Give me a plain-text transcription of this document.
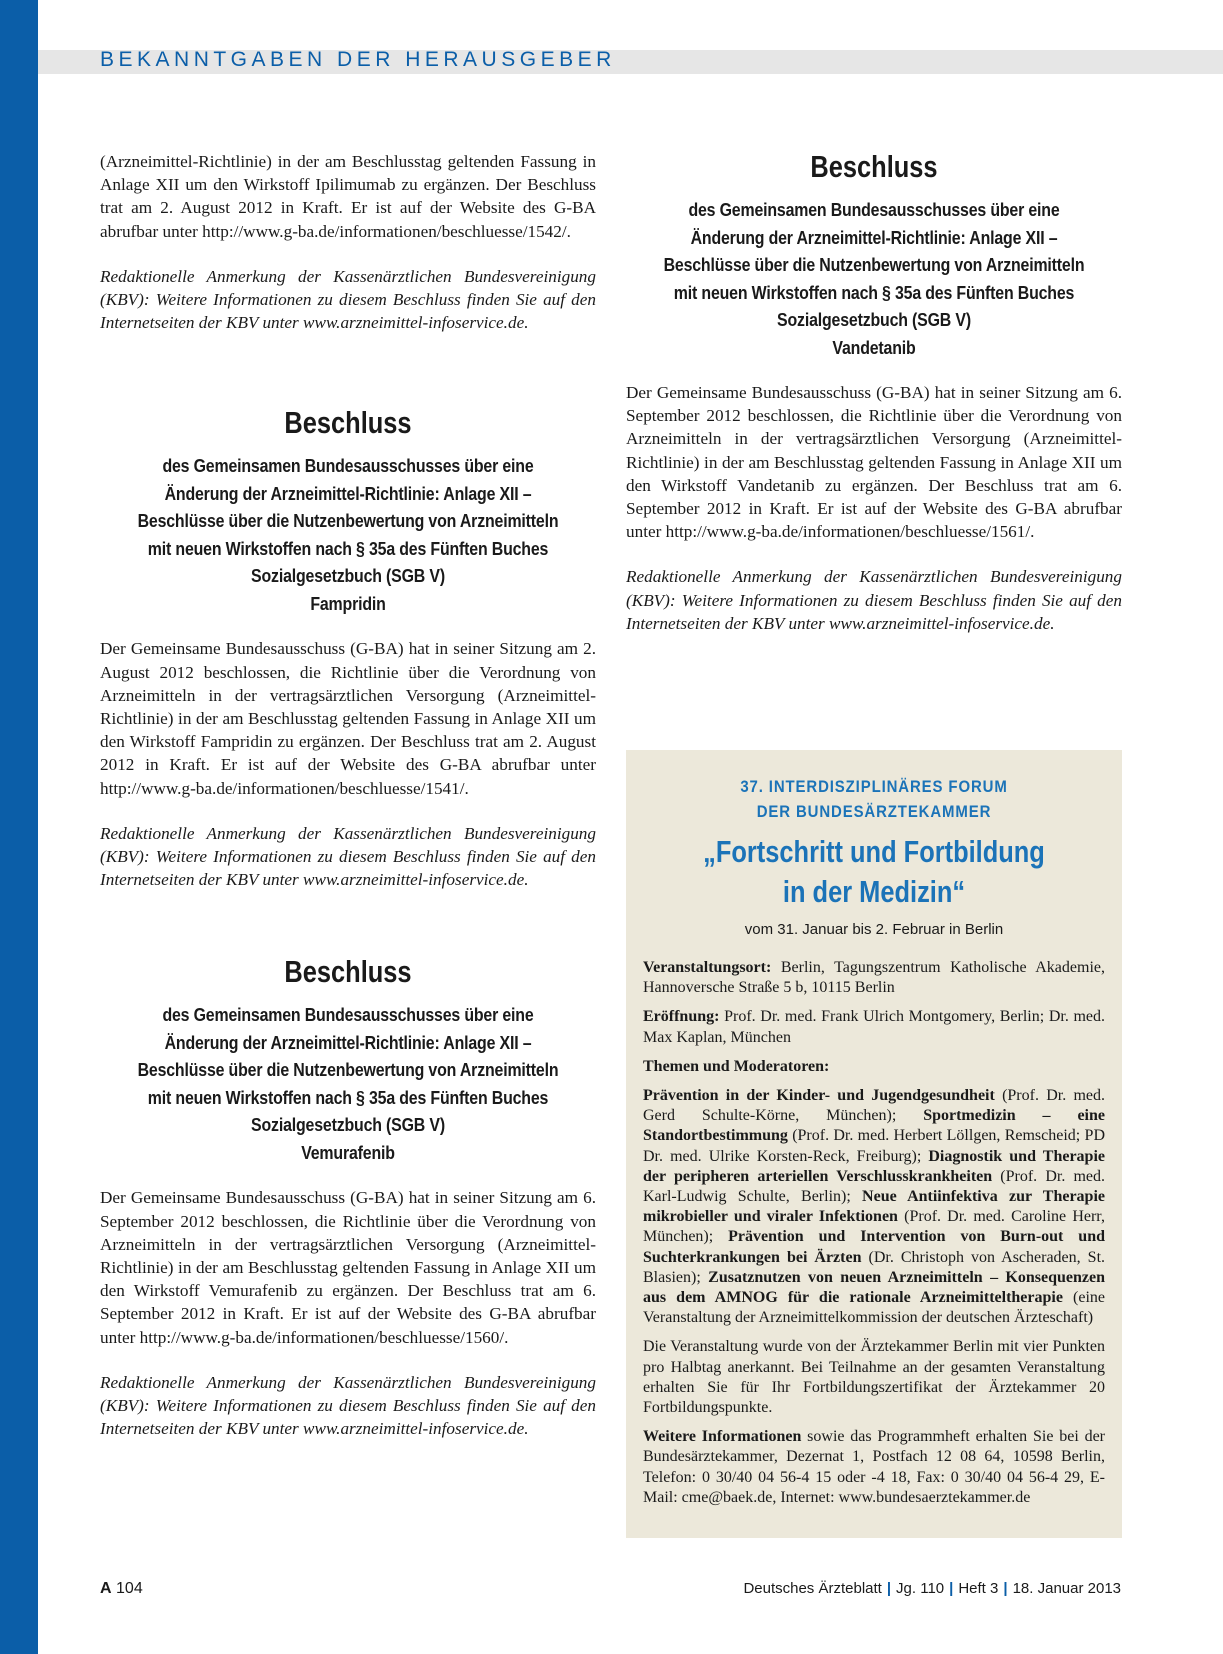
BEKANNTGABEN DER HERAUSGEBER

(Arzneimittel-Richtlinie) in der am Beschlusstag geltenden Fassung in Anlage XII um den Wirkstoff Ipilimumab zu ergänzen. Der Beschluss trat am 2. August 2012 in Kraft. Er ist auf der Website des G-BA abrufbar unter http://www.g-ba.de/informationen/beschluesse/1542/.

Redaktionelle Anmerkung der Kassenärztlichen Bundesvereinigung (KBV): Weitere Informationen zu diesem Beschluss finden Sie auf den Internetseiten der KBV unter www.arzneimittel-infoservice.de.

Beschluss
des Gemeinsamen Bundesausschusses über eine Änderung der Arzneimittel-Richtlinie: Anlage XII – Beschlüsse über die Nutzenbewertung von Arzneimitteln mit neuen Wirkstoffen nach § 35a des Fünften Buches Sozialgesetzbuch (SGB V)
Fampridin

Der Gemeinsame Bundesausschuss (G-BA) hat in seiner Sitzung am 2. August 2012 beschlossen, die Richtlinie über die Verordnung von Arzneimitteln in der vertragsärztlichen Versorgung (Arzneimittel-Richtlinie) in der am Beschlusstag geltenden Fassung in Anlage XII um den Wirkstoff Fampridin zu ergänzen. Der Beschluss trat am 2. August 2012 in Kraft. Er ist auf der Website des G-BA abrufbar unter http://www.g-ba.de/informationen/beschluesse/1541/.

Redaktionelle Anmerkung der Kassenärztlichen Bundesvereinigung (KBV): Weitere Informationen zu diesem Beschluss finden Sie auf den Internetseiten der KBV unter www.arzneimittel-infoservice.de.

Beschluss
des Gemeinsamen Bundesausschusses über eine Änderung der Arzneimittel-Richtlinie: Anlage XII – Beschlüsse über die Nutzenbewertung von Arzneimitteln mit neuen Wirkstoffen nach § 35a des Fünften Buches Sozialgesetzbuch (SGB V)
Vemurafenib

Der Gemeinsame Bundesausschuss (G-BA) hat in seiner Sitzung am 6. September 2012 beschlossen, die Richtlinie über die Verordnung von Arzneimitteln in der vertragsärztlichen Versorgung (Arzneimittel-Richtlinie) in der am Beschlusstag geltenden Fassung in Anlage XII um den Wirkstoff Vemurafenib zu ergänzen. Der Beschluss trat am 6. September 2012 in Kraft. Er ist auf der Website des G-BA abrufbar unter http://www.g-ba.de/informationen/beschluesse/1560/.

Redaktionelle Anmerkung der Kassenärztlichen Bundesvereinigung (KBV): Weitere Informationen zu diesem Beschluss finden Sie auf den Internetseiten der KBV unter www.arzneimittel-infoservice.de.

Beschluss
des Gemeinsamen Bundesausschusses über eine Änderung der Arzneimittel-Richtlinie: Anlage XII – Beschlüsse über die Nutzenbewertung von Arzneimitteln mit neuen Wirkstoffen nach § 35a des Fünften Buches Sozialgesetzbuch (SGB V)
Vandetanib

Der Gemeinsame Bundesausschuss (G-BA) hat in seiner Sitzung am 6. September 2012 beschlossen, die Richtlinie über die Verordnung von Arzneimitteln in der vertragsärztlichen Versorgung (Arzneimittel-Richtlinie) in der am Beschlusstag geltenden Fassung in Anlage XII um den Wirkstoff Vandetanib zu ergänzen. Der Beschluss trat am 6. September 2012 in Kraft. Er ist auf der Website des G-BA abrufbar unter http://www.g-ba.de/informationen/beschluesse/1561/.

Redaktionelle Anmerkung der Kassenärztlichen Bundesvereinigung (KBV): Weitere Informationen zu diesem Beschluss finden Sie auf den Internetseiten der KBV unter www.arzneimittel-infoservice.de.

37. INTERDISZIPLINÄRES FORUM
DER BUNDESÄRZTEKAMMER
„Fortschritt und Fortbildung
in der Medizin“
vom 31. Januar bis 2. Februar in Berlin

Veranstaltungsort: Berlin, Tagungszentrum Katholische Akademie, Hannoversche Straße 5 b, 10115 Berlin

Eröffnung: Prof. Dr. med. Frank Ulrich Montgomery, Berlin; Dr. med. Max Kaplan, München

Themen und Moderatoren:

Prävention in der Kinder- und Jugendgesundheit (Prof. Dr. med. Gerd Schulte-Körne, München); Sportmedizin – eine Standortbestimmung (Prof. Dr. med. Herbert Löllgen, Remscheid; PD Dr. med. Ulrike Korsten-Reck, Freiburg); Diagnostik und Therapie der peripheren arteriellen Verschlusskrankheiten (Prof. Dr. med. Karl-Ludwig Schulte, Berlin); Neue Antiinfektiva zur Therapie mikrobieller und viraler Infektionen (Prof. Dr. med. Caroline Herr, München); Prävention und Intervention von Burn-out und Suchterkrankungen bei Ärzten (Dr. Christoph von Ascheraden, St. Blasien); Zusatznutzen von neuen Arzneimitteln – Konsequenzen aus dem AMNOG für die rationale Arzneimitteltherapie (eine Veranstaltung der Arzneimittelkommission der deutschen Ärzteschaft)

Die Veranstaltung wurde von der Ärztekammer Berlin mit vier Punkten pro Halbtag anerkannt. Bei Teilnahme an der gesamten Veranstaltung erhalten Sie für Ihr Fortbildungszertifikat der Ärztekammer 20 Fortbildungspunkte.

Weitere Informationen sowie das Programmheft erhalten Sie bei der Bundesärztekammer, Dezernat 1, Postfach 12 08 64, 10598 Berlin, Telefon: 0 30/40 04 56-4 15 oder -4 18, Fax: 0 30/40 04 56-4 29, E-Mail: cme@baek.de, Internet: www.bundesaerztekammer.de

A 104	Deutsches Ärzteblatt | Jg. 110 | Heft 3 | 18. Januar 2013
